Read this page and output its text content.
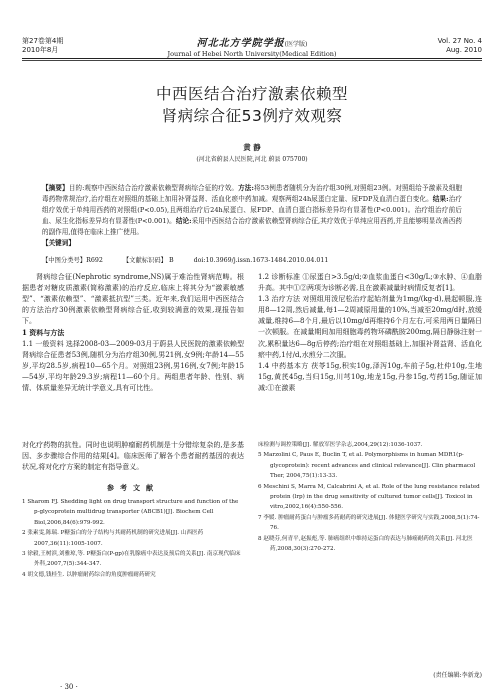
第27卷第4期
2010年8月
河北北方学院学报(医学版)
Journal of Hebei North University(Medical Edition)
Vol. 27 No. 4
Aug. 2010
中西医结合治疗激素依赖型
肾病综合征53例疗效观察
黄 静
(河北省蔚县人民医院,河北 蔚县 075700)
【摘要】目的:观察中西医结合治疗激素依赖型肾病综合征的疗效。方法:将53例患者随机分为治疗组30例,对照组23例。对照组给予激素及细胞毒药物常规治疗,治疗组在对照组的基础上加用补肾益肾、活血化瘀中药加减。观察两组24h尿蛋白定量、尿FDP及血清白蛋白变化。结果:治疗组疗效优于单纯用西药的对照组(P<0.05),且两组治疗后24h尿蛋白、尿FDP、血清白蛋白指标差异均有显著性(P<0.001)。治疗组治疗前后血、尿生化指标差异均有显著性(P<0.001)。结论:采用中西医结合治疗激素依赖型肾病综合征,其疗效优于单纯应用西药,并且能够明显改善西药的副作用,值得在临床上推广使用。
【关键词】
【中图分类号】R692	【文献标识码】 B	doi:10.3969/j.issn.1673-1484.2010.04.011
肾病综合征(Nephrotic syndrome,NS)属于难治性肾病范畴。根据患者对糖皮质激素(简称激素)的治疗反应,临床上将其分为“激素敏感型”、“激素依赖型”、“激素抵抗型”三类。近年来,我们运用中西医结合的方法治疗30例激素依赖型肾病综合征,收到较满意的效果,现报告如下。
1 资料与方法
1.1 一般资料 选择2008-03—2009-03月于蔚县人民医院的激素依赖型肾病综合征患者53例,随机分为治疗组30例,男21例,女9例;年龄14—55岁,平均28.5岁,病程10—65个月。对照组23例,男16例,女7例;年龄15—54岁,平均年龄29.3岁;病程11—60个月。两组患者年龄、性别、病情、体质量差异无统计学意义,具有可比性。
1.2 诊断标准 ①尿蛋白>3.5g/d;②血浆血蛋白<30g/L;③水肿、④血脂升高。其中①②两项为诊断必需,且在激素减量时病情反复者[1]。
1.3 治疗方法 对照组用泼尼松治疗起始剂量为1mg/(kg·d),晨起顿服,连用8—12周,然后减量,每1—2周减原用量的10%,当减至20mg/d时,放缓减量,维持6—8个月,最后以10mg/d再维持6个月左右,可采用两日量隔日一次顿服。在减量期间加用细胞毒药物环磷酰胺200mg,隔日静脉注射一次,累积量达6—8g后停药;治疗组在对照组基础上,加服补肾益肾、活血化瘀中药,1付/d,水煎分二次服。
1.4 中药基本方 茯苓15g,积实10g,泽泻10g,车前子5g,杜仲10g,生地15g,黄芪45g,当归15g,川芎10g,地龙15g,丹参15g,芍药15g,随证加减:①在激素
对化疗药物的抗性。同时也说明肿瘤耐药机制是十分错综复杂的,是多基因、多步骤综合作用的结果[4]。临床医师了解各个患者耐药基因的表达状况,将对化疗方案的制定有指导意义。
参考文献
1 Sharom FJ. Shedding light on drug transport structure and function of the p-glycoprotein multidrug transporter (ABCB1)[J]. Biochem Cell Biol,2006,84(6):979-992.
2 张素雯,陈瑞. P糖蛋白的分子结构与其耐药机制的研究进展[J]. 山西医药 2007,36(11):1005-1007.
3 徐毅,王树滨,刘雅琼,等. P糖蛋白(P-gp)在乳腺癌中表达及预后的关系[J]. 南京现代临床外科,2007,7(5):344-347.
4 胡文德,钱桂生. 以肿瘤耐药综合的角度肿瘤耐药研究
床检测与调控策略[J]. 解放军医学杂志,2004,29(12):1036-1037.
5 Marzolini C, Paus E, Buclin T, et al. Polymorphisms in human MDR1(p-glycoprotein): recent advances and clinical relevance[J]. Clin pharmacol Ther, 2004,75(1):13-33.
6 Meschini S, Marra M, Calcabrini A, et al. Role of the lung resistance related protein (lrp) in the drug sensitivity of cultured tumor cells[J]. Toxicol in vitro,2002,16(4):550-556.
7 李媛. 肿瘤耐药蛋白与肿瘤多药耐药的研究进展[J]. 体健医学研究与实践,2008,5(1):74-76.
8 赵晓芬,何青平,赵振彪,等. 肺癌组织中维持运蛋白的表达与肺癌耐药的关系[J]. 河北医药,2008,30(3):270-272.
(责任编辑:李新龙)
· 30 ·
